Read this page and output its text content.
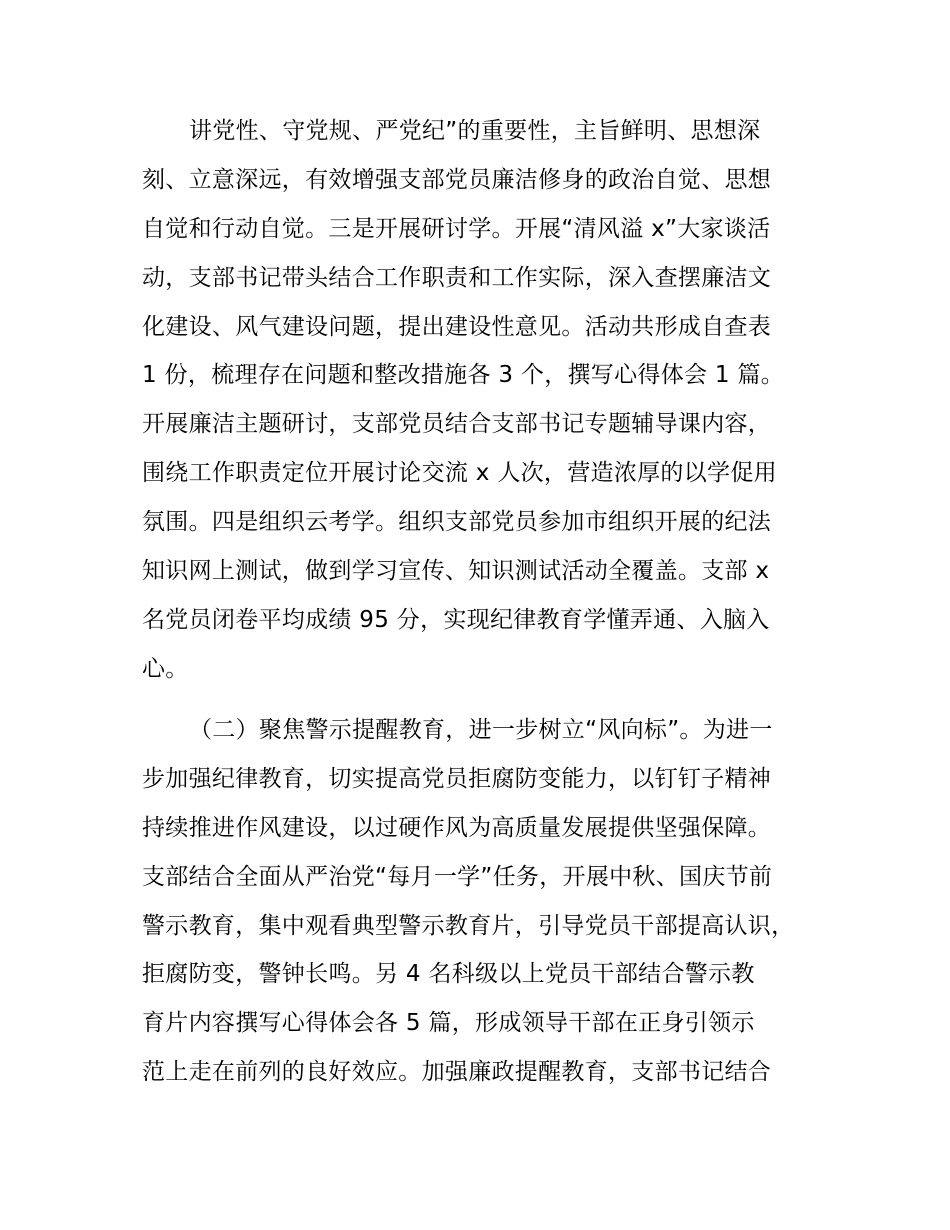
讲党性、守党规、严党纪”的重要性，主旨鲜明、思想深
刻、立意深远，有效增强支部党员廉洁修身的政治自觉、思想
自觉和行动自觉。三是开展研讨学。开展“清风溢 x”大家谈活
动，支部书记带头结合工作职责和工作实际，深入查摆廉洁文
化建设、风气建设问题，提出建设性意见。活动共形成自查表
1 份，梳理存在问题和整改措施各 3 个，撰写心得体会 1 篇。
开展廉洁主题研讨，支部党员结合支部书记专题辅导课内容，
围绕工作职责定位开展讨论交流 x 人次，营造浓厚的以学促用
氛围。四是组织云考学。组织支部党员参加市组织开展的纪法
知识网上测试，做到学习宣传、知识测试活动全覆盖。支部 x
名党员闭卷平均成绩 95 分，实现纪律教育学懂弄通、入脑入
心。
（二）聚焦警示提醒教育，进一步树立“风向标”。为进一
步加强纪律教育，切实提高党员拒腐防变能力，以钉钉子精神
持续推进作风建设，以过硬作风为高质量发展提供坚强保障。
支部结合全面从严治党“每月一学”任务，开展中秋、国庆节前
警示教育，集中观看典型警示教育片，引导党员干部提高认识，
拒腐防变，警钟长鸣。另 4 名科级以上党员干部结合警示教
育片内容撰写心得体会各 5 篇，形成领导干部在正身引领示
范上走在前列的良好效应。加强廉政提醒教育，支部书记结合
